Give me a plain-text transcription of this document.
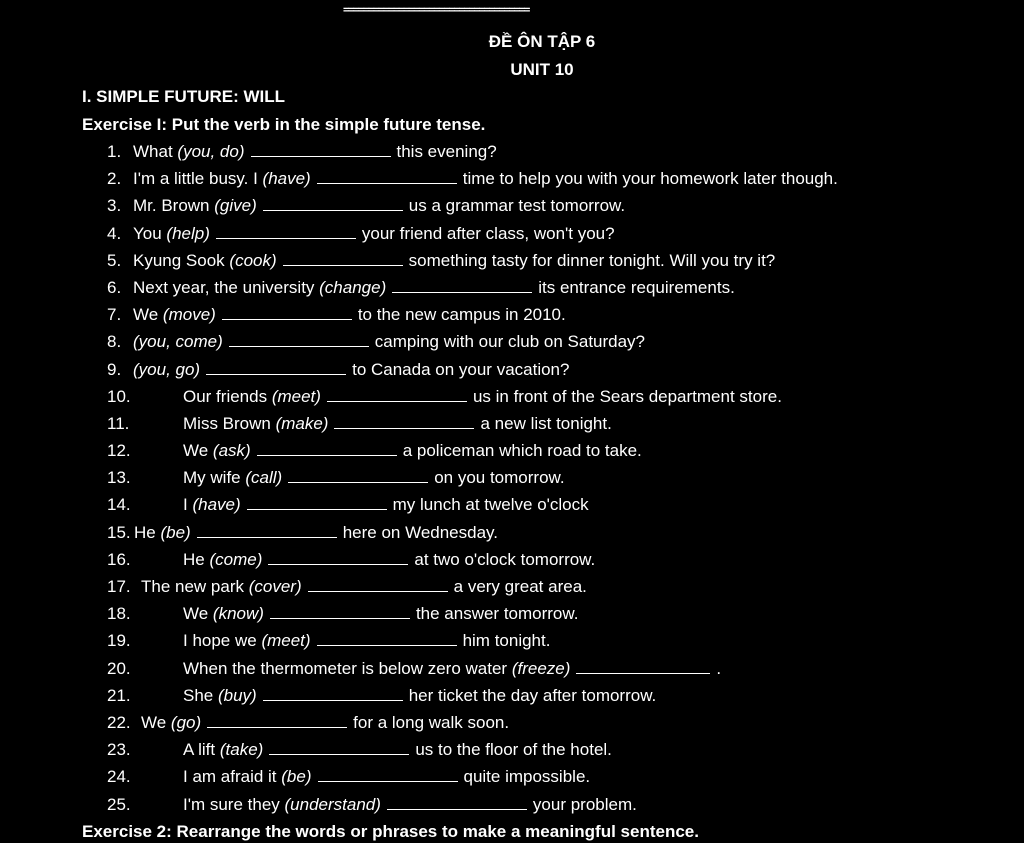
=====================================
ĐỀ ÔN TẬP 6
UNIT 10
I. SIMPLE FUTURE: WILL
Exercise I: Put the verb in the simple future tense.
1. What (you, do)	this evening?
2. I'm a little busy. I (have)	time to help you with your homework later though.
3. Mr. Brown (give)	us a grammar test tomorrow.
4. You (help)	your friend after class, won't you?
5. Kyung Sook (cook)	something tasty for dinner tonight. Will you try it?
6. Next year, the university (change)	its entrance requirements.
7. We (move)	to the new campus in 2010.
8. (you, come)	camping with our club on Saturday?
9. (you, go)	to Canada on your vacation?
10.	Our friends (meet)	us in front of the Sears department store.
11.	Miss Brown (make)	a new list tonight.
12.	We (ask)	a policeman which road to take.
13.	My wife (call)	on you tomorrow.
14.	I (have)	my lunch at twelve o'clock
15. He (be)	here on Wednesday.
16.	He (come)	at two o'clock tomorrow.
17. The new park (cover)	a very great area.
18.	We (know)	the answer tomorrow.
19.	I hope we (meet)	him tonight.
20.	When the thermometer is below zero water (freeze)	.
21.	She (buy)	her ticket the day after tomorrow.
22. We (go)	for a long walk soon.
23.	A lift (take)	us to the floor of the hotel.
24.	I am afraid it (be)	quite impossible.
25.	I'm sure they (understand)	your problem.
Exercise 2: Rearrange the words or phrases to make a meaningful sentence.
